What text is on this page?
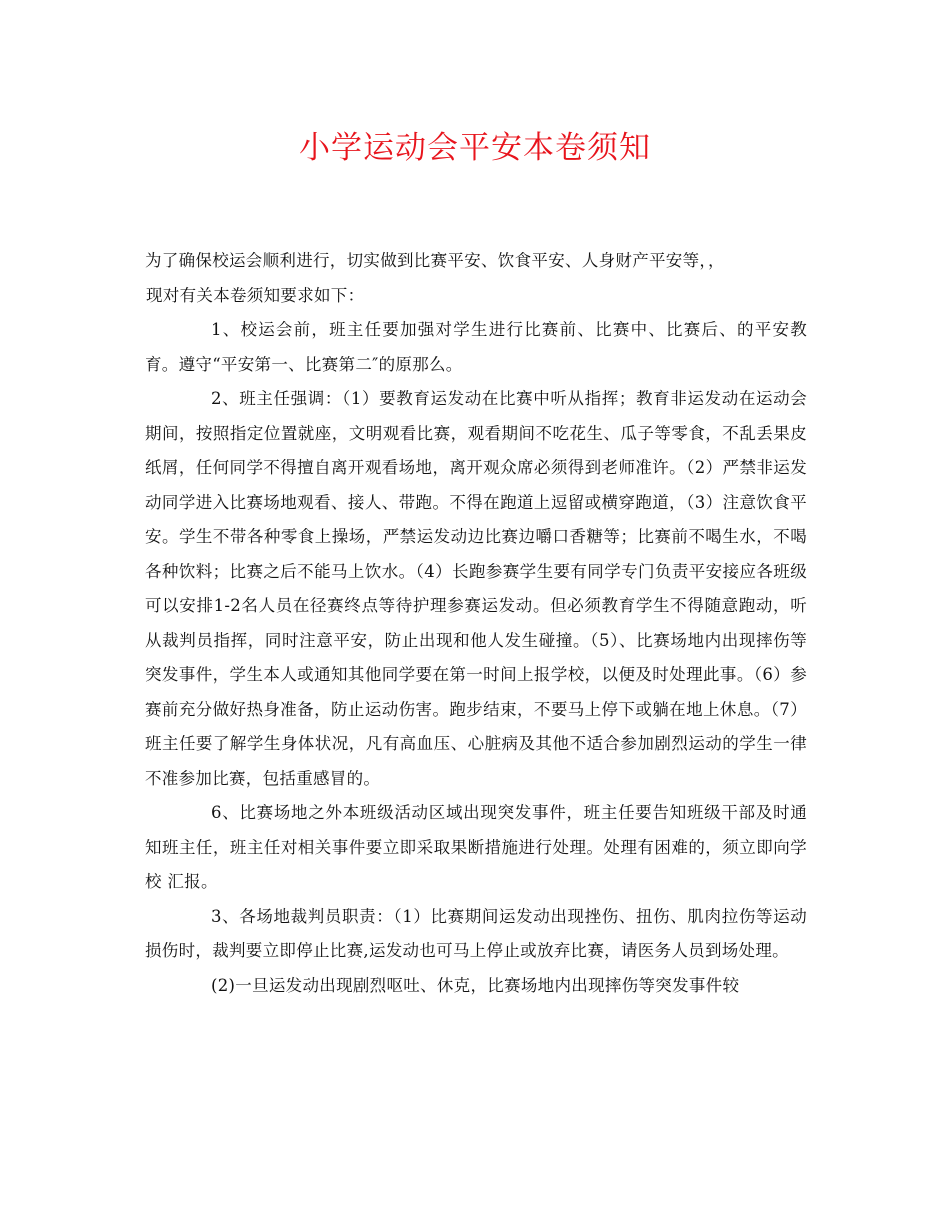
小学运动会平安本卷须知

为了确保校运会顺利进行，切实做到比赛平安、饮食平安、人身财产平安等，，
现对有关本卷须知要求如下：

1、校运会前，班主任要加强对学生进行比赛前、比赛中、比赛后、的平安教育。遵守“平安第一、比赛第二″的原那么。

2、班主任强调：（1）要教育运发动在比赛中听从指挥；教育非运发动在运动会期间，按照指定位置就座，文明观看比赛，观看期间不吃花生、瓜子等零食，不乱丢果皮纸屑，任何同学不得擅自离开观看场地，离开观众席必须得到老师准许。（2）严禁非运发动同学进入比赛场地观看、接人、带跑。不得在跑道上逗留或横穿跑道，（3）注意饮食平安。学生不带各种零食上操场，严禁运发动边比赛边嚼口香糖等；比赛前不喝生水，不喝各种饮料；比赛之后不能马上饮水。（4）长跑参赛学生要有同学专门负责平安接应各班级可以安排1-2名人员在径赛终点等待护理参赛运发动。但必须教育学生不得随意跑动，听从裁判员指挥，同时注意平安，防止出现和他人发生碰撞。（5）、比赛场地内出现摔伤等突发事件，学生本人或通知其他同学要在第一时间上报学校，以便及时处理此事。（6）参赛前充分做好热身准备，防止运动伤害。跑步结束，不要马上停下或躺在地上休息。（7）班主任要了解学生身体状况，凡有高血压、心脏病及其他不适合参加剧烈运动的学生一律不准参加比赛，包括重感冒的。

6、比赛场地之外本班级活动区域出现突发事件，班主任要告知班级干部及时通知班主任，班主任对相关事件要立即采取果断措施进行处理。处理有困难的，须立即向学校 汇报。

3、各场地裁判员职责：（1）比赛期间运发动出现挫伤、扭伤、肌肉拉伤等运动损伤时，裁判要立即停止比赛,运发动也可马上停止或放弃比赛，请医务人员到场处理。

(2)一旦运发动出现剧烈呕吐、休克，比赛场地内出现摔伤等突发事件较
